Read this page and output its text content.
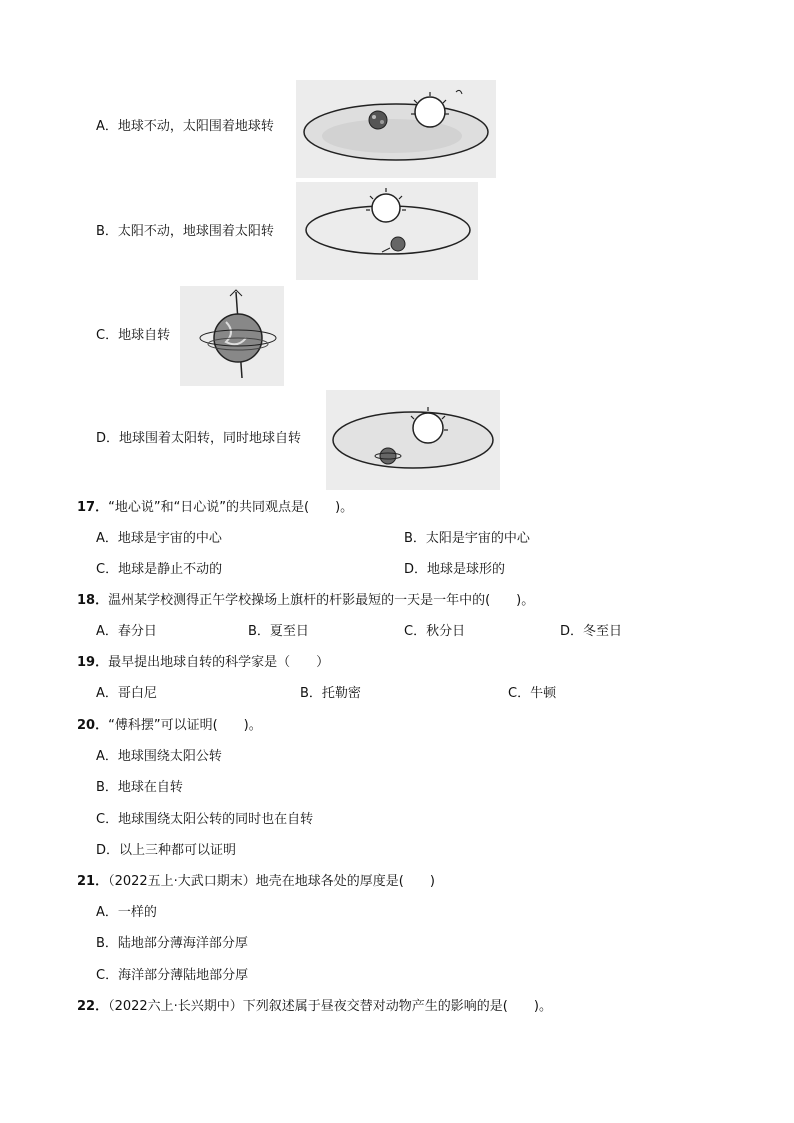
A．地球不动，太阳围着地球转
B．太阳不动，地球围着太阳转
C．地球自转
D．地球围着太阳转，同时地球自转
17．“地心说”和“日心说”的共同观点是(　　)。
A．地球是宇宙的中心	B．太阳是宇宙的中心
C．地球是静止不动的	D．地球是球形的
18．温州某学校测得正午学校操场上旗杆的杆影最短的一天是一年中的(　　)。
A．春分日	B．夏至日	C．秋分日	D．冬至日
19．最早提出地球自转的科学家是（　　）
A．哥白尼	B．托勒密	C．牛顿
20．“傅科摆”可以证明(　　)。
A．地球围绕太阳公转
B．地球在自转
C．地球围绕太阳公转的同时也在自转
D．以上三种都可以证明
21．（2022五上·大武口期末）地壳在地球各处的厚度是(　　)
A．一样的
B．陆地部分薄海洋部分厚
C．海洋部分薄陆地部分厚
22．（2022六上·长兴期中）下列叙述属于昼夜交替对动物产生的影响的是(　　)。
